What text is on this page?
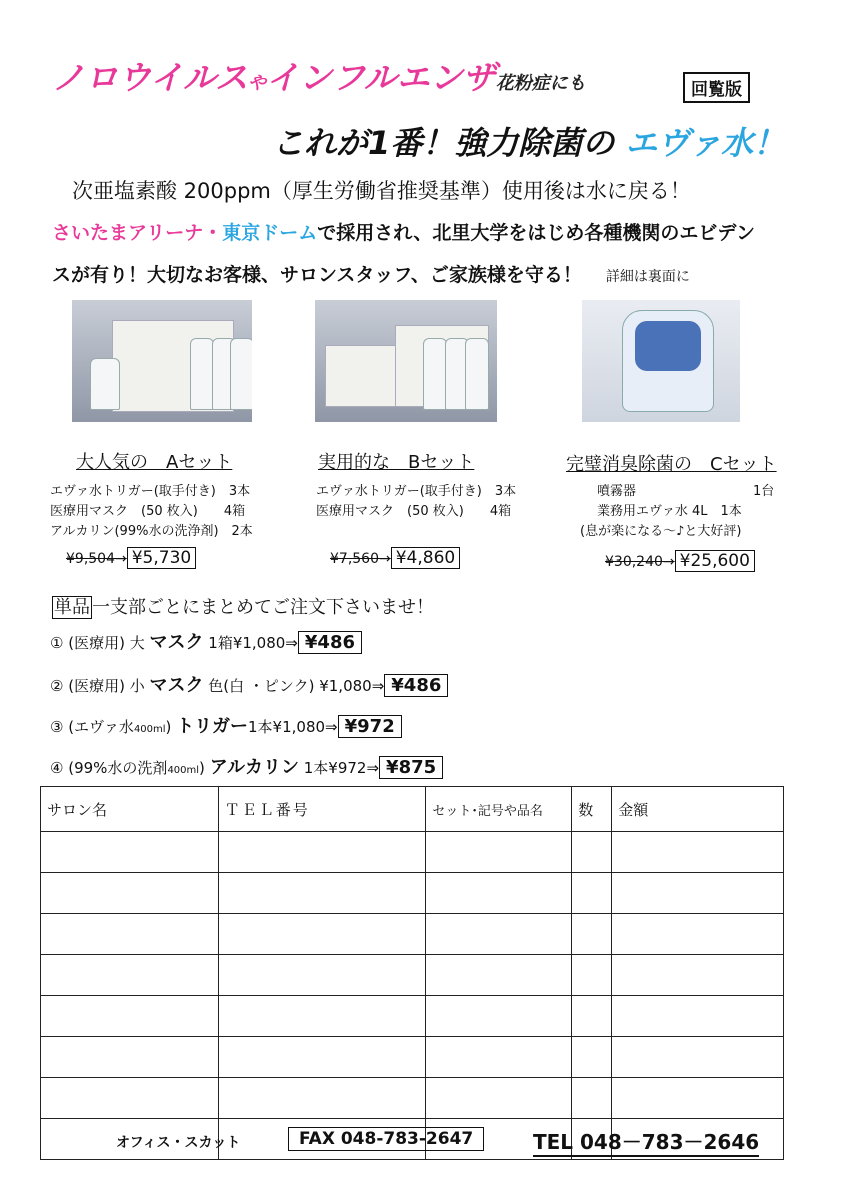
ノロウイルスやインフルエンザ花粉症にも	回覧版
これが1番！強力除菌の エヴァ水！
次亜塩素酸 200ppm（厚生労働省推奨基準）使用後は水に戻る！
さいたまアリーナ・東京ドームで採用され、北里大学をはじめ各種機関のエビデン
スが有り！大切なお客様、サロンスタッフ、ご家族様を守る！ 詳細は裏面に
大人気の　Aセット
エヴァ水トリガー(取手付き)　3本
医療用マスク　(50 枚入)　　4箱
アルカリン(99%水の洗浄剤)　2本
¥9,504→ ¥5,730
実用的な　Bセット
エヴァ水トリガー(取手付き)　3本
医療用マスク　(50 枚入)　　4箱
¥7,560→ ¥4,860
完璧消臭除菌の　Cセット
噴霧器　　　　　　　　　1台
業務用エヴァ水 4L　1本
(息が楽になる～♪と大好評)
¥30,240→ ¥25,600
単品 一支部ごとにまとめてご注文下さいませ！
① (医療用) 大 マスク 1箱¥1,080⇒ ¥486
② (医療用) 小 マスク 色(白 ・ピンク) ¥1,080⇒ ¥486
③ (エヴァ水400ml) トリガー1本¥1,080⇒ ¥972
④ (99%水の洗剤400ml) アルカリン 1本¥972⇒ ¥875
サロン名	ＴＥＬ番号	セット･記号や品名	数	金額

オフィス・スカット	FAX 048-783-2647	TEL 048－783－2646
